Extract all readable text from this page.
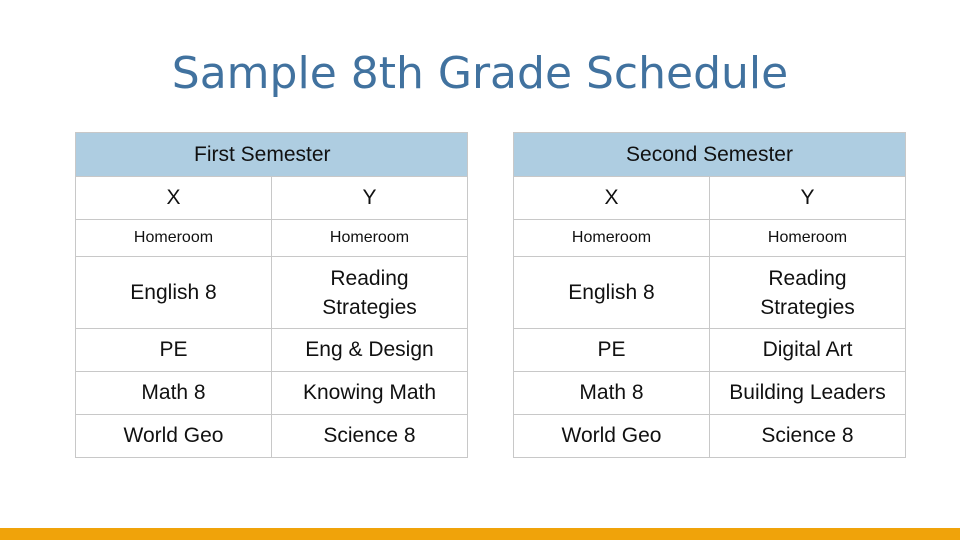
Sample 8th Grade Schedule
First Semester	
X	Y
Homeroom	Homeroom
English 8	Reading Strategies
PE	Eng & Design
Math 8	Knowing Math
World Geo	Science 8
Second Semester	
X	Y
Homeroom	Homeroom
English 8	Reading Strategies
PE	Digital Art
Math 8	Building Leaders
World Geo	Science 8
